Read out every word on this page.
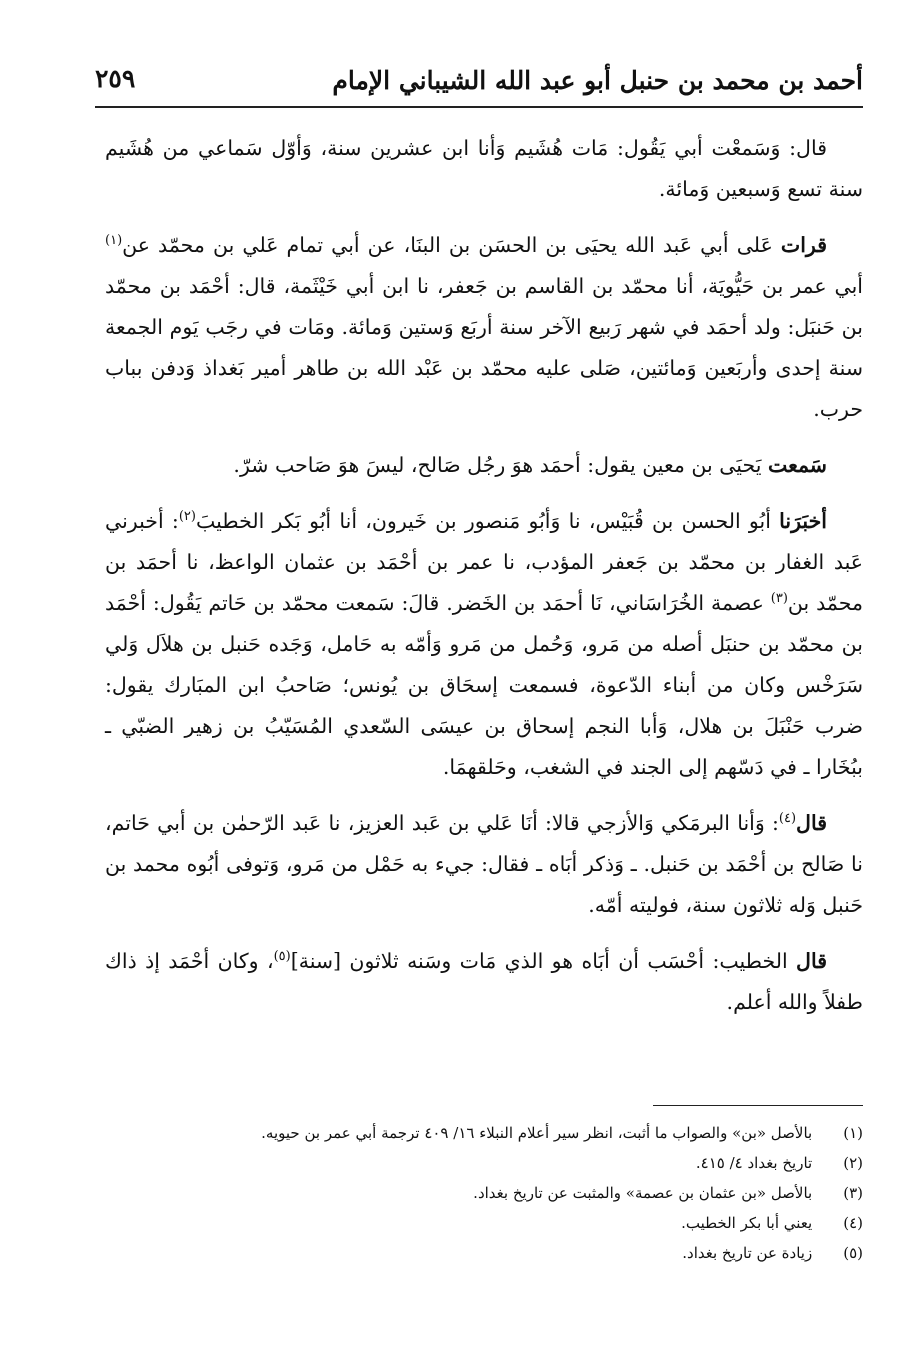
أحمد بن محمد بن حنبل أبو عبد الله الشيباني الإمام
٢٥٩

قال: وَسَمعْت أبي يَقُول: مَات هُشَيم وَأنا ابن عشرين سنة، وَأوّل سَماعي من هُشَيم سنة تسع وَسبعين وَمائة.

قرات عَلى أبي عَبد الله يحيَى بن الحسَن بن البنَا، عن أبي تمام عَلي بن محمّد عن$^{(١)}$ أبي عمر بن حَيُّويَة، أنا محمّد بن القاسم بن جَعفر، نا ابن أبي خَيْثَمة، قال: أحْمَد بن محمّد بن حَنبَل: ولد أحمَد في شهر رَبيع الآخر سنة أربَع وَستين وَمائة. ومَات في رجَب يَوم الجمعة سنة إحدى وأربَعين وَمائتين، صَلى عليه محمّد بن عَبْد الله بن طاهر أمير بَغداذ وَدفن بباب حرب.

سَمعت يَحيَى بن معين يقول: أحمَد هوَ رجُل صَالح، ليسَ هوَ صَاحب شرّ.

أخبَرَنا أبُو الحسن بن قُبَيْس، نا وَأبُو مَنصور بن خَيرون، أنا أبُو بَكر الخطيبَ$^{(٢)}$: أخبرني عَبد الغفار بن محمّد بن جَعفر المؤدب، نا عمر بن أحْمَد بن عثمان الواعظ، نا أحمَد بن محمّد بن$^{(٣)}$ عصمة الخُرَاسَاني، نَا أحمَد بن الخَضر. قالَ: سَمعت محمّد بن حَاتم يَقُول: أحْمَد بن محمّد بن حنبَل أصله من مَرو، وَحُمل من مَرو وَأمّه به حَامل، وَجَده حَنبل بن هلاَل وَلي سَرَخْس وكان من أبناء الدّعوة، فسمعت إسحَاق بن يُونس؛ صَاحبُ ابن المبَارك يقول: ضرب حَنْبَلَ بن هلال، وَأبا النجم إسحاق بن عيسَى السّعدي المُسَيّبُ بن زهير الضبّي ـ ببُخَارا ـ في دَسّهم إلى الجند في الشغب، وحَلقهمَا.

قال$^{(٤)}$: وَأنا البرمَكي وَالأزجي قالا: أنَا عَلي بن عَبد العزيز، نا عَبد الرّحمٰن بن أبي حَاتم، نا صَالح بن أحْمَد بن حَنبل. ـ وَذكر أبَاه ـ فقال: جيء به حَمْل من مَرو، وَتوفى أبُوه محمد بن حَنبل وَله ثلاثون سنة، فوليته أمّه.

قال الخطيب: أحْسَب أن أبَاه هو الذي مَات وسَنه ثلاثون [سنة]$^{(٥)}$، وكان أحْمَد إذ ذاك طفلاً والله أعلم.

(١) بالأصل «بن» والصواب ما أثبت، انظر سير أعلام النبلاء ١٦/ ٤٠٩ ترجمة أبي عمر بن حيويه.
(٢) تاريخ بغداد ٤/ ٤١٥.
(٣) بالأصل «بن عثمان بن عصمة» والمثبت عن تاريخ بغداد.
(٤) يعني أبا بكر الخطيب.
(٥) زيادة عن تاريخ بغداد.
